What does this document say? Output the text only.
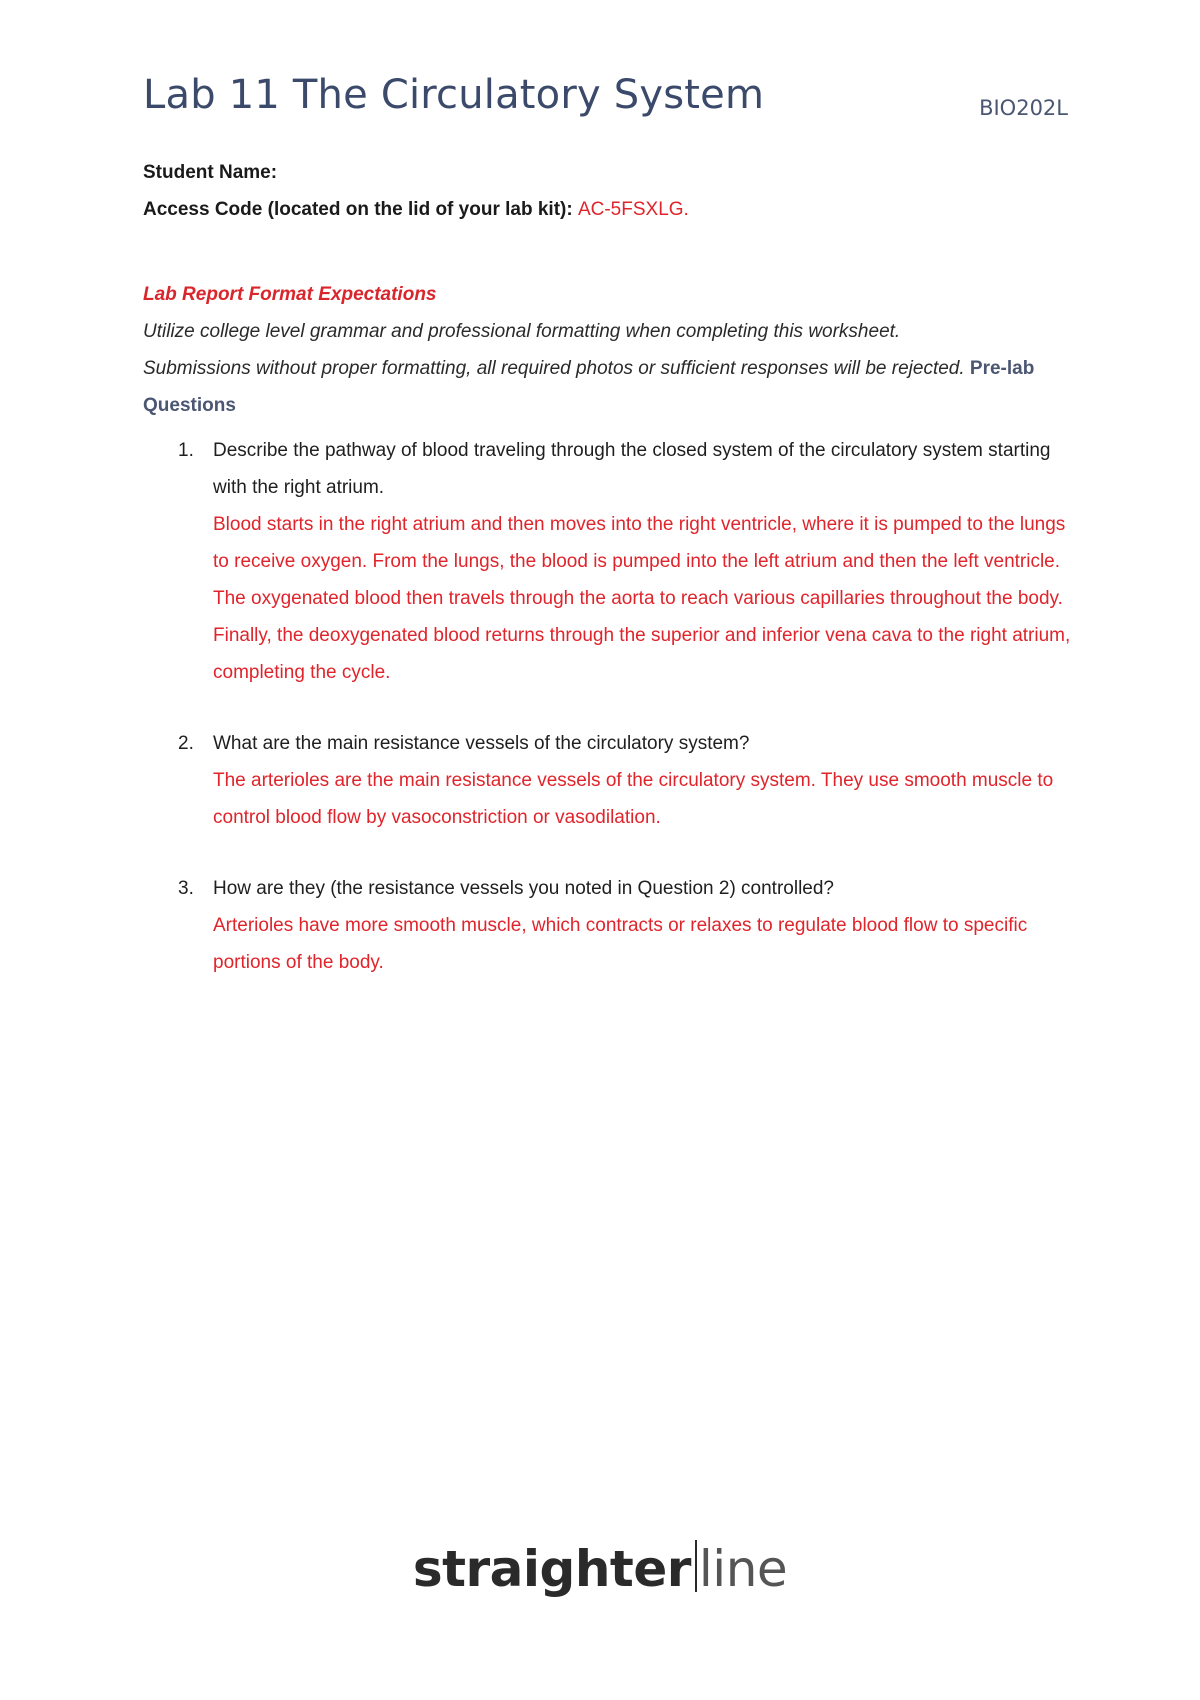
Lab 11 The Circulatory System	BIO202L
Student Name:
Access Code (located on the lid of your lab kit): AC-5FSXLG.
Lab Report Format Expectations
Utilize college level grammar and professional formatting when completing this worksheet.
Submissions without proper formatting, all required photos or sufficient responses will be rejected. Pre-lab Questions
1. Describe the pathway of blood traveling through the closed system of the circulatory system starting with the right atrium.
Blood starts in the right atrium and then moves into the right ventricle, where it is pumped to the lungs to receive oxygen. From the lungs, the blood is pumped into the left atrium and then the left ventricle. The oxygenated blood then travels through the aorta to reach various capillaries throughout the body. Finally, the deoxygenated blood returns through the superior and inferior vena cava to the right atrium, completing the cycle.
2. What are the main resistance vessels of the circulatory system?
The arterioles are the main resistance vessels of the circulatory system. They use smooth muscle to control blood flow by vasoconstriction or vasodilation.
3. How are they (the resistance vessels you noted in Question 2) controlled?
Arterioles have more smooth muscle, which contracts or relaxes to regulate blood flow to specific portions of the body.
straighter line
